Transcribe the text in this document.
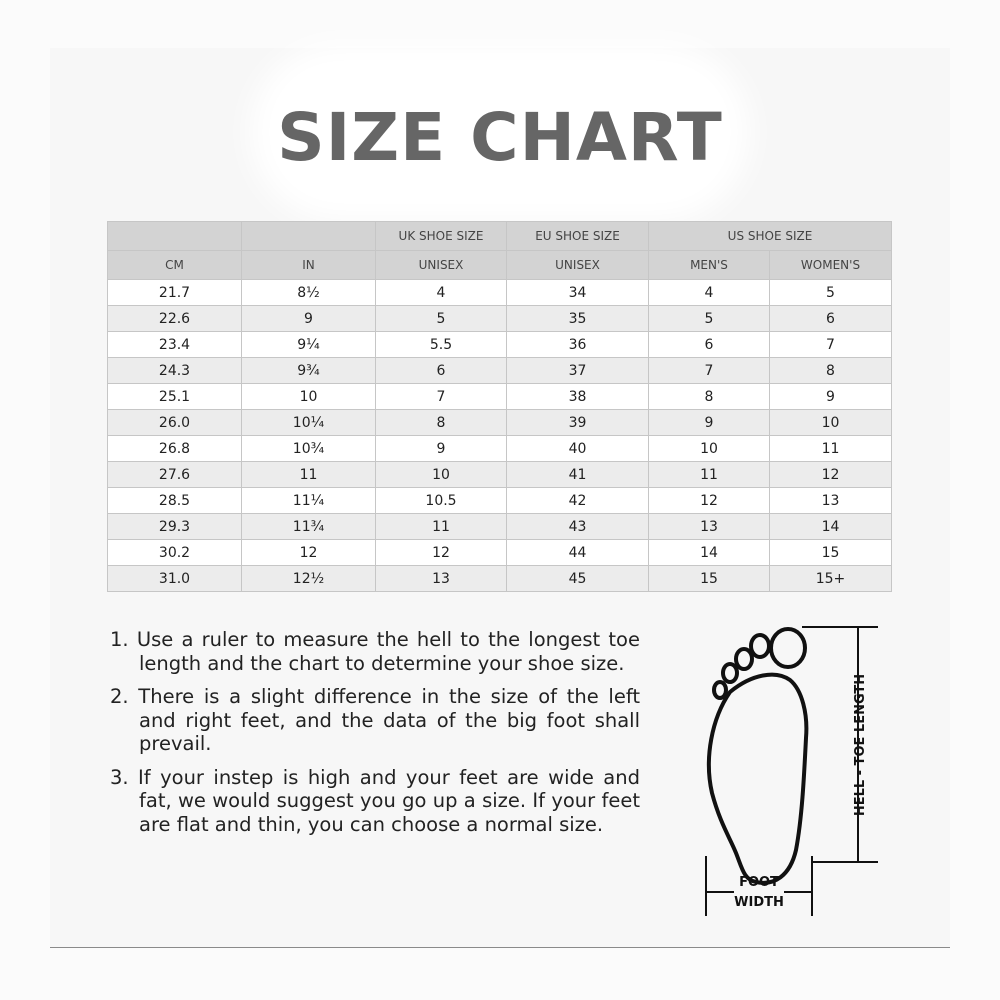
SIZE CHART
		UK SHOE SIZE	EU SHOE SIZE	US SHOE SIZE	
CM	IN	UNISEX	UNISEX	MEN'S	WOMEN'S
21.7	8½	4	34	4	5
22.6	9	5	35	5	6
23.4	9¼	5.5	36	6	7
24.3	9¾	6	37	7	8
25.1	10	7	38	8	9
26.0	10¼	8	39	9	10
26.8	10¾	9	40	10	11
27.6	11	10	41	11	12
28.5	11¼	10.5	42	12	13
29.3	11¾	11	43	13	14
30.2	12	12	44	14	15
31.0	12½	13	45	15	15+
1. Use a ruler to measure the hell to the longest toe length and the chart to determine your shoe size.
2. There is a slight difference in the size of the left and right feet, and the data of the big foot shall prevail.
3. If your instep is high and your feet are wide and fat, we would suggest you go up a size. If your feet are flat and thin, you can choose a normal size.
HELL - TOE LENGTH
FOOT
WIDTH
